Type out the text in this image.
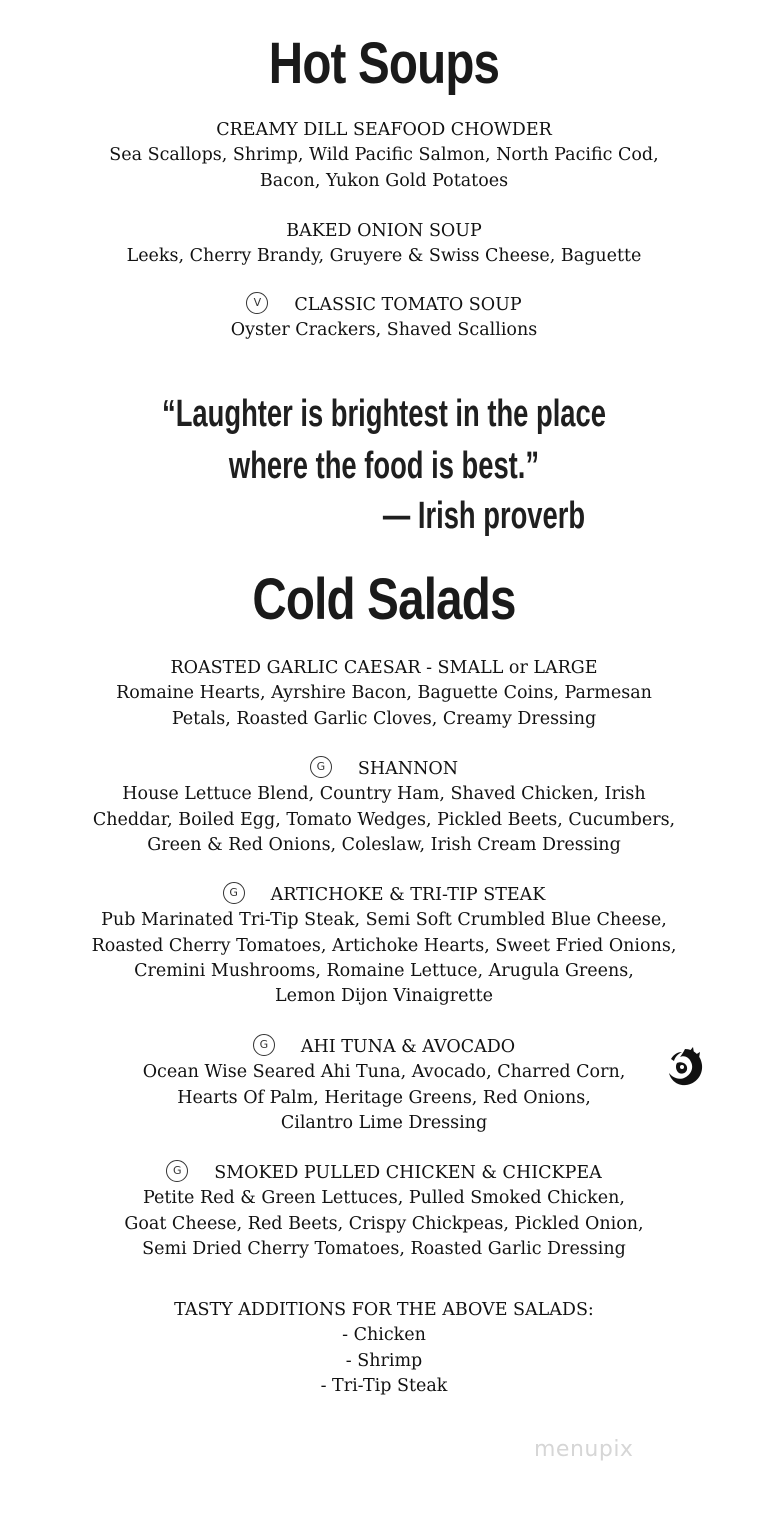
Hot Soups
CREAMY DILL SEAFOOD CHOWDER
Sea Scallops, Shrimp, Wild Pacific Salmon, North Pacific Cod,
Bacon, Yukon Gold Potatoes
BAKED ONION SOUP
Leeks, Cherry Brandy, Gruyere & Swiss Cheese, Baguette
V CLASSIC TOMATO SOUP
Oyster Crackers, Shaved Scallions
“Laughter is brightest in the place
where the food is best.”
— Irish proverb
Cold Salads
ROASTED GARLIC CAESAR - SMALL or LARGE
Romaine Hearts, Ayrshire Bacon, Baguette Coins, Parmesan
Petals, Roasted Garlic Cloves, Creamy Dressing
G SHANNON
House Lettuce Blend, Country Ham, Shaved Chicken, Irish
Cheddar, Boiled Egg, Tomato Wedges, Pickled Beets, Cucumbers,
Green & Red Onions, Coleslaw, Irish Cream Dressing
G ARTICHOKE & TRI-TIP STEAK
Pub Marinated Tri-Tip Steak, Semi Soft Crumbled Blue Cheese,
Roasted Cherry Tomatoes, Artichoke Hearts, Sweet Fried Onions,
Cremini Mushrooms, Romaine Lettuce, Arugula Greens,
Lemon Dijon Vinaigrette
G AHI TUNA & AVOCADO
Ocean Wise Seared Ahi Tuna, Avocado, Charred Corn,
Hearts Of Palm, Heritage Greens, Red Onions,
Cilantro Lime Dressing
G SMOKED PULLED CHICKEN & CHICKPEA
Petite Red & Green Lettuces, Pulled Smoked Chicken,
Goat Cheese, Red Beets, Crispy Chickpeas, Pickled Onion,
Semi Dried Cherry Tomatoes, Roasted Garlic Dressing
TASTY ADDITIONS FOR THE ABOVE SALADS:
- Chicken
- Shrimp
- Tri-Tip Steak
menupix
